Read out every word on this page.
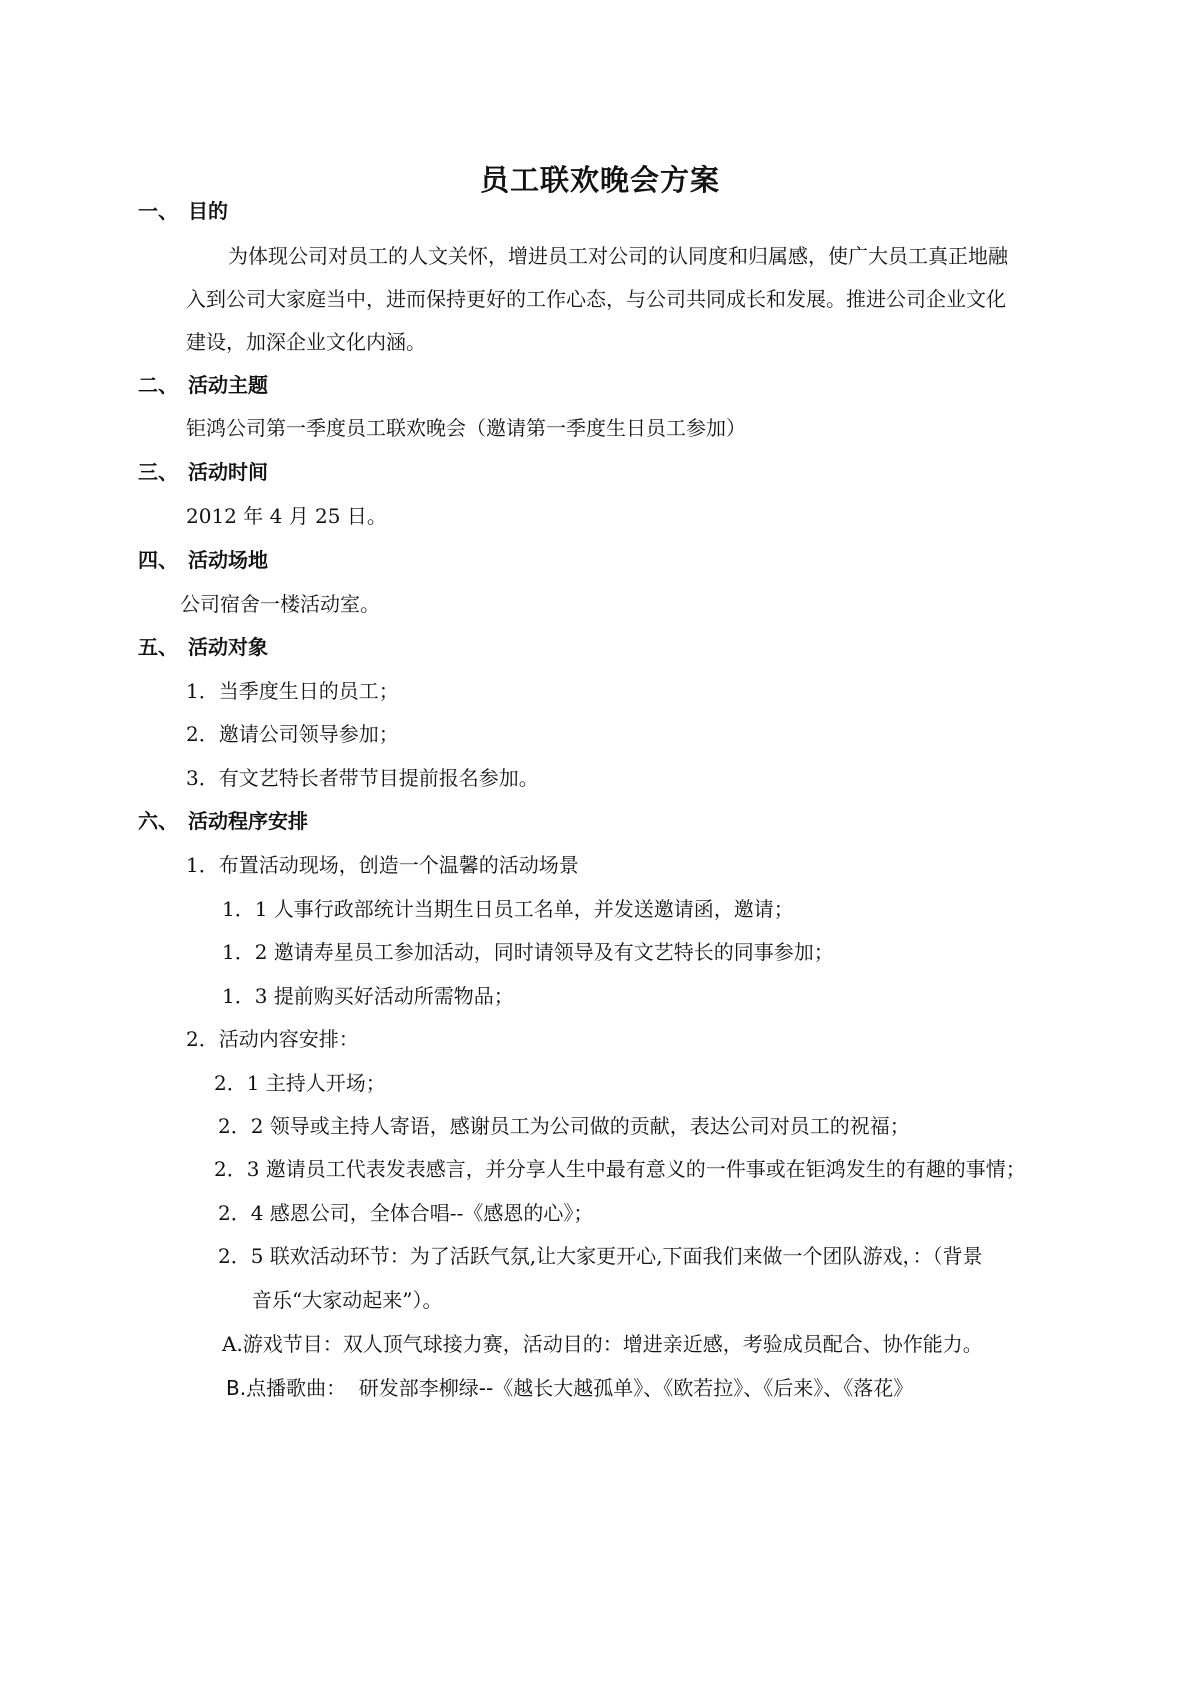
员工联欢晚会方案
一、 目的
为体现公司对员工的人文关怀，增进员工对公司的认同度和归属感，使广大员工真正地融
入到公司大家庭当中，进而保持更好的工作心态，与公司共同成长和发展。推进公司企业文化
建设，加深企业文化内涵。
二、 活动主题
钜鸿公司第一季度员工联欢晚会（邀请第一季度生日员工参加）
三、 活动时间
2012 年 4 月 25 日。
四、 活动场地
公司宿舍一楼活动室。
五、 活动对象
1．当季度生日的员工；
2．邀请公司领导参加；
3．有文艺特长者带节目提前报名参加。
六、 活动程序安排
1．布置活动现场，创造一个温馨的活动场景
1．1 人事行政部统计当期生日员工名单，并发送邀请函，邀请；
1．2 邀请寿星员工参加活动，同时请领导及有文艺特长的同事参加；
1．3 提前购买好活动所需物品；
2．活动内容安排：
2．1 主持人开场；
2．2 领导或主持人寄语，感谢员工为公司做的贡献，表达公司对员工的祝福；
2．3 邀请员工代表发表感言，并分享人生中最有意义的一件事或在钜鸿发生的有趣的事情；
2．4 感恩公司，全体合唱--《感恩的心》；
2．5 联欢活动环节：为了活跃气氛,让大家更开心,下面我们来做一个团队游戏，：（背景
音乐“大家动起来”）。
A.游戏节目：双人顶气球接力赛，活动目的：增进亲近感，考验成员配合、协作能力。
B.点播歌曲： 研发部李柳绿--《越长大越孤单》、《欧若拉》、《后来》、《落花》
